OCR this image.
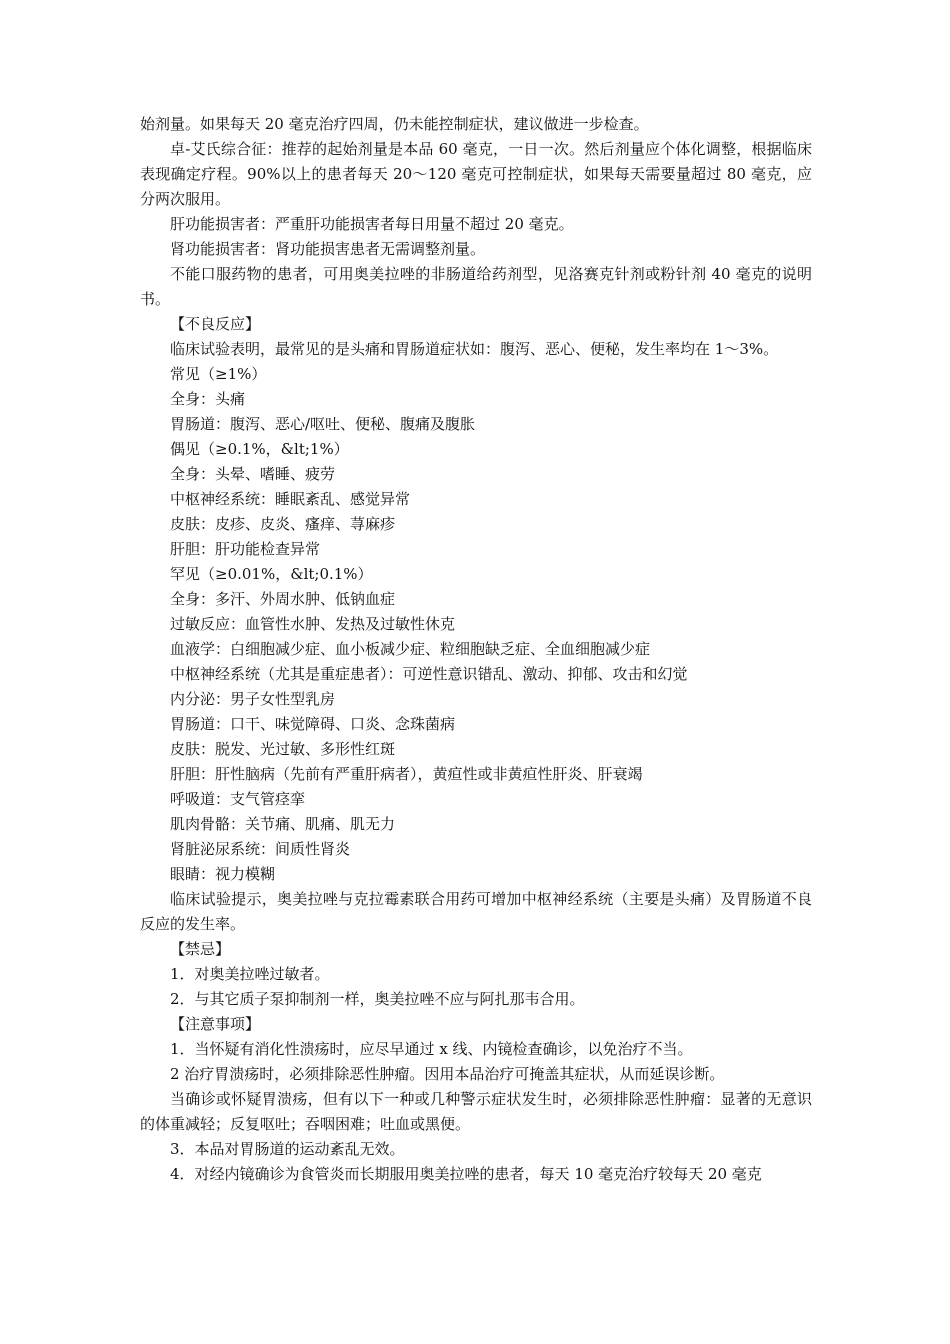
始剂量。如果每天 20 毫克治疗四周，仍未能控制症状，建议做进一步检查。

卓-艾氏综合征：推荐的起始剂量是本品 60 毫克，一日一次。然后剂量应个体化调整，根据临床表现确定疗程。90%以上的患者每天 20～120 毫克可控制症状，如果每天需要量超过 80 毫克，应分两次服用。

肝功能损害者：严重肝功能损害者每日用量不超过 20 毫克。

肾功能损害者：肾功能损害患者无需调整剂量。

不能口服药物的患者，可用奥美拉唑的非肠道给药剂型，见洛赛克针剂或粉针剂 40 毫克的说明书。

【不良反应】

临床试验表明，最常见的是头痛和胃肠道症状如：腹泻、恶心、便秘，发生率均在 1～3%。

常见（≥1%）

全身：头痛

胃肠道：腹泻、恶心/呕吐、便秘、腹痛及腹胀

偶见（≥0.1%，&lt;1%）

全身：头晕、嗜睡、疲劳

中枢神经系统：睡眠紊乱、感觉异常

皮肤：皮疹、皮炎、瘙痒、荨麻疹

肝胆：肝功能检查异常

罕见（≥0.01%，&lt;0.1%）

全身：多汗、外周水肿、低钠血症

过敏反应：血管性水肿、发热及过敏性休克

血液学：白细胞减少症、血小板减少症、粒细胞缺乏症、全血细胞减少症

中枢神经系统（尤其是重症患者）：可逆性意识错乱、激动、抑郁、攻击和幻觉

内分泌：男子女性型乳房

胃肠道：口干、味觉障碍、口炎、念珠菌病

皮肤：脱发、光过敏、多形性红斑

肝胆：肝性脑病（先前有严重肝病者），黄疸性或非黄疸性肝炎、肝衰竭

呼吸道：支气管痉挛

肌肉骨骼：关节痛、肌痛、肌无力

肾脏泌尿系统：间质性肾炎

眼睛：视力模糊

临床试验提示，奥美拉唑与克拉霉素联合用药可增加中枢神经系统（主要是头痛）及胃肠道不良反应的发生率。

【禁忌】

1．对奥美拉唑过敏者。

2．与其它质子泵抑制剂一样，奥美拉唑不应与阿扎那韦合用。

【注意事项】

1．当怀疑有消化性溃疡时，应尽早通过 x 线、内镜检查确诊，以免治疗不当。

2 治疗胃溃疡时，必须排除恶性肿瘤。因用本品治疗可掩盖其症状，从而延误诊断。

当确诊或怀疑胃溃疡，但有以下一种或几种警示症状发生时，必须排除恶性肿瘤：显著的无意识的体重减轻；反复呕吐；吞咽困难；吐血或黑便。

3．本品对胃肠道的运动紊乱无效。

4．对经内镜确诊为食管炎而长期服用奥美拉唑的患者，每天 10 毫克治疗较每天 20 毫克
